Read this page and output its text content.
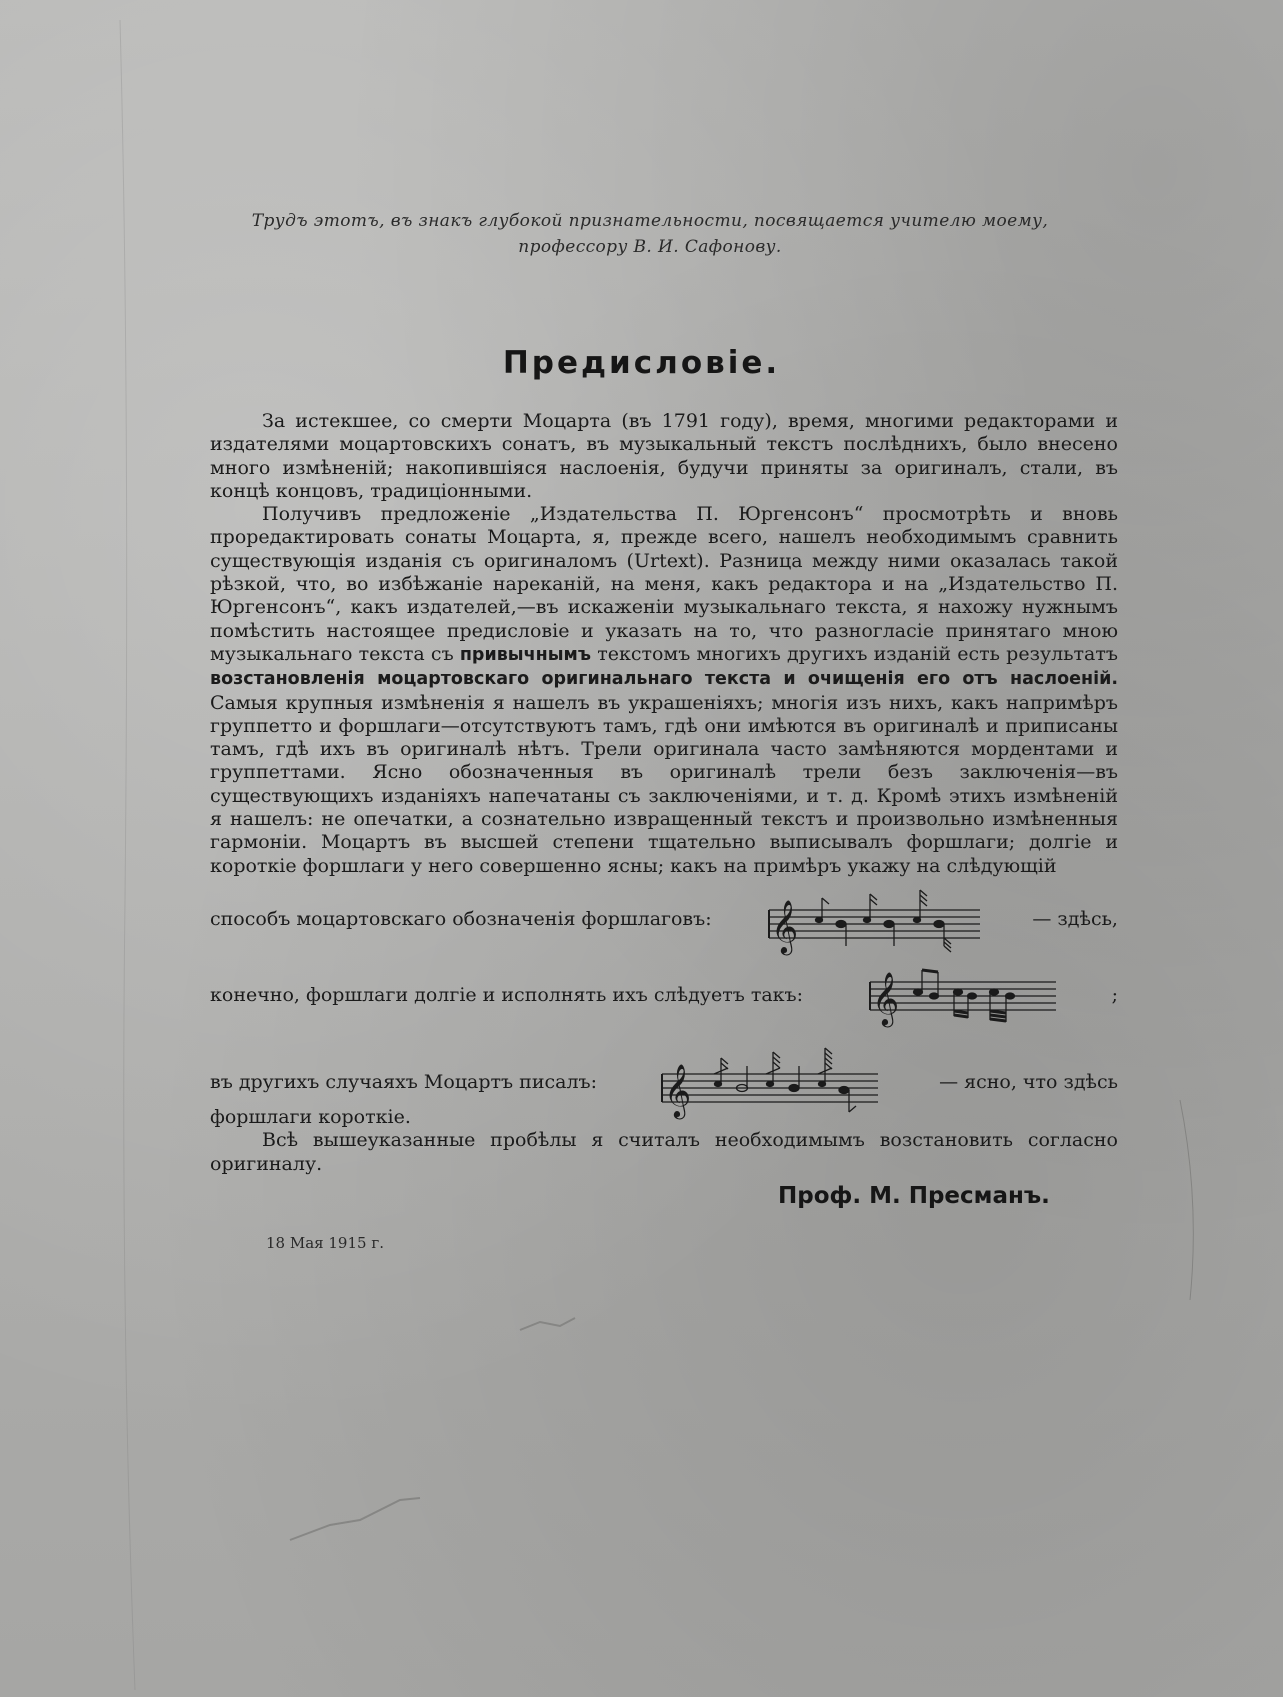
Трудъ этотъ, въ знакъ глубокой признательности, посвящается учителю моему,
профессору В. И. Сафонову.
Предисловіе.

За истекшее, со смерти Моцарта (въ 1791 году), время, многими редакторами и издателями моцартовскихъ сонатъ, въ музыкальный текстъ послѣднихъ, было внесено много измѣненій; накопившіяся наслоенія, будучи приняты за оригиналъ, стали, въ концѣ концовъ, традиціонными.

Получивъ предложеніе „Издательства П. Юргенсонъ“ просмотрѣть и вновь проредактировать сонаты Моцарта, я, прежде всего, нашелъ необходимымъ сравнить существующія изданія съ оригиналомъ (Urtext). Разница между ними оказалась такой рѣзкой, что, во избѣжаніе нареканій, на меня, какъ редактора и на „Издательство П. Юргенсонъ“, какъ издателей,—въ искаженіи музыкальнаго текста, я нахожу нужнымъ помѣстить настоящее предисловіе и указать на то, что разногласіе принятаго мною музыкальнаго текста съ привычнымъ текстомъ многихъ другихъ изданій есть результатъ возстановленія моцартовскаго оригинальнаго текста и очищенія его отъ наслоеній. Самыя крупныя измѣненія я нашелъ въ украшеніяхъ; многія изъ нихъ, какъ напримѣръ группетто и форшлаги—отсутствуютъ тамъ, гдѣ они имѣются въ оригиналѣ и приписаны тамъ, гдѣ ихъ въ оригиналѣ нѣтъ. Трели оригинала часто замѣняются мордентами и группеттами. Ясно обозначенныя въ оригиналѣ трели безъ заключенія—въ существующихъ изданіяхъ напечатаны съ заключеніями, и т. д. Кромѣ этихъ измѣненій я нашелъ: не опечатки, а сознательно извращенный текстъ и произвольно измѣненныя гармоніи. Моцартъ въ высшей степени тщательно выписывалъ форшлаги; долгіе и короткіе форшлаги у него совершенно ясны; какъ на примѣръ укажу на слѣдующій

способъ моцартовскаго обозначенія форшлаговъ: 𝄞	— здѣсь,
конечно, форшлаги долгіе и исполнять ихъ слѣдуетъ такъ: 𝄞	;
въ другихъ случаяхъ Моцартъ писалъ: 𝄞	— ясно, что здѣсь

форшлаги короткіе.

Всѣ вышеуказанные пробѣлы я считалъ необходимымъ возстановить согласно оригиналу.

Проф. М. Пресманъ.
18 Мая 1915 г.
